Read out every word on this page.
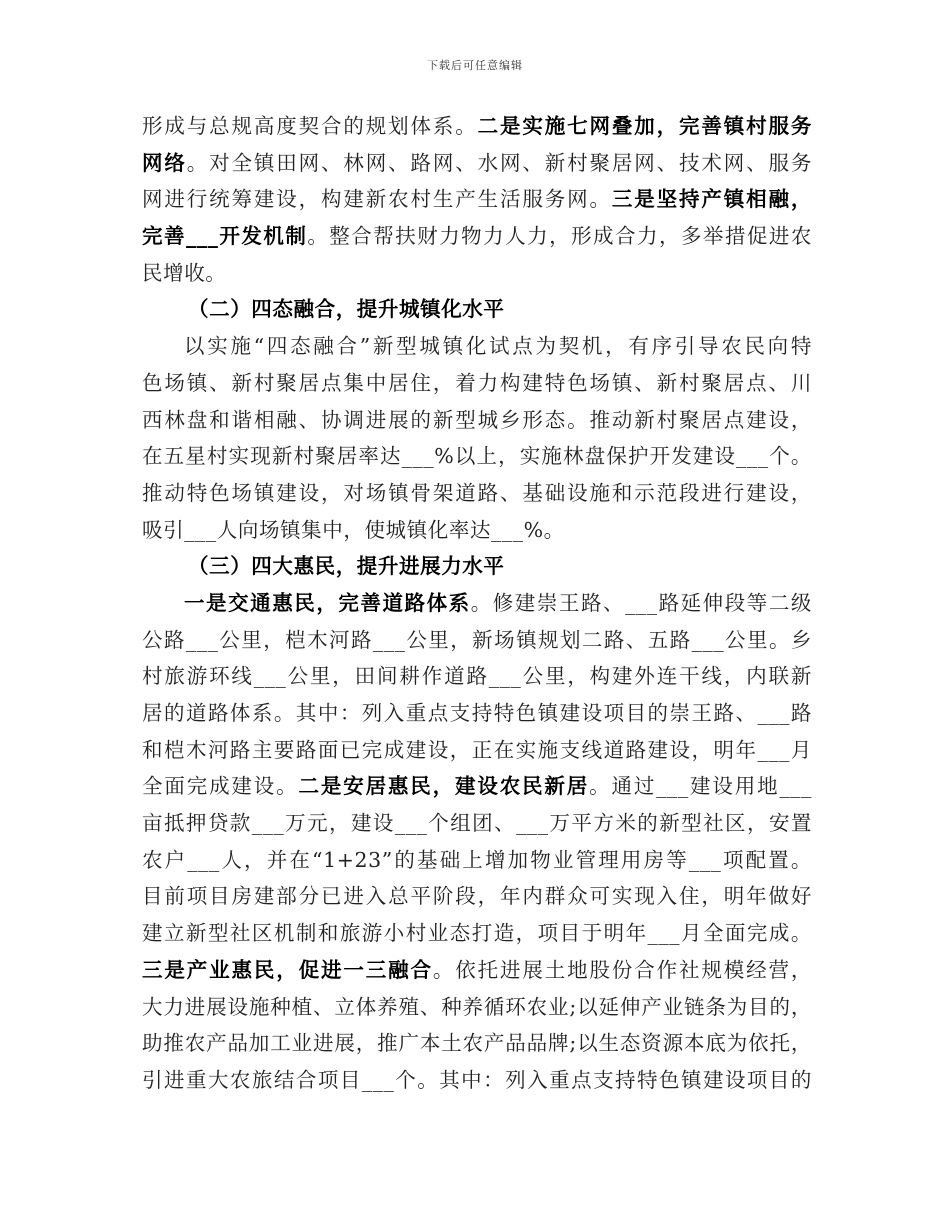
下载后可任意编辑
形成与总规高度契合的规划体系。二是实施七网叠加，完善镇村服务
网络。对全镇田网、林网、路网、水网、新村聚居网、技术网、服务
网进行统筹建设，构建新农村生产生活服务网。三是坚持产镇相融，
完善___开发机制。整合帮扶财力物力人力，形成合力，多举措促进农
民增收。
（二）四态融合，提升城镇化水平
以实施“四态融合”新型城镇化试点为契机，有序引导农民向特
色场镇、新村聚居点集中居住，着力构建特色场镇、新村聚居点、川
西林盘和谐相融、协调进展的新型城乡形态。推动新村聚居点建设，
在五星村实现新村聚居率达___%以上，实施林盘保护开发建设___个。
推动特色场镇建设，对场镇骨架道路、基础设施和示范段进行建设，
吸引___人向场镇集中，使城镇化率达___%。
（三）四大惠民，提升进展力水平
一是交通惠民，完善道路体系。修建崇王路、___路延伸段等二级
公路___公里，桤木河路___公里，新场镇规划二路、五路___公里。乡
村旅游环线___公里，田间耕作道路___公里，构建外连干线，内联新
居的道路体系。其中：列入重点支持特色镇建设项目的崇王路、___路
和桤木河路主要路面已完成建设，正在实施支线道路建设，明年___月
全面完成建设。二是安居惠民，建设农民新居。通过___建设用地___
亩抵押贷款___万元，建设___个组团、___万平方米的新型社区，安置
农户___人，并在“1+23”的基础上增加物业管理用房等___项配置。
目前项目房建部分已进入总平阶段，年内群众可实现入住，明年做好
建立新型社区机制和旅游小村业态打造，项目于明年___月全面完成。
三是产业惠民，促进一三融合。依托进展土地股份合作社规模经营，
大力进展设施种植、立体养殖、种养循环农业;以延伸产业链条为目的，
助推农产品加工业进展，推广本土农产品品牌;以生态资源本底为依托，
引进重大农旅结合项目___个。其中：列入重点支持特色镇建设项目的
